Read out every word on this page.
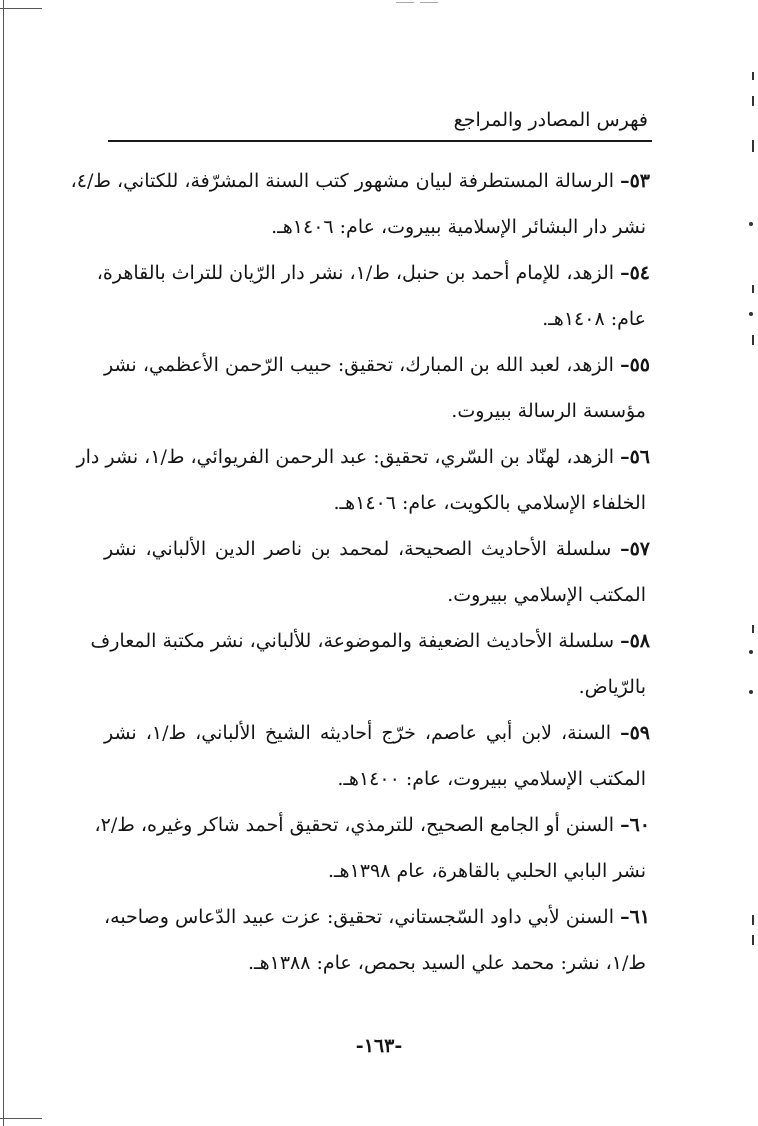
فهرس المصادر والمراجع
٥٣– الرسالة المستطرفة لبيان مشهور كتب السنة المشرّفة، للكتاني، ط/٤،
نشر دار البشائر الإسلامية ببيروت، عام: ١٤٠٦هـ.
٥٤– الزهد، للإمام أحمد بن حنبل، ط/١، نشر دار الرّيان للتراث بالقاهرة،
عام: ١٤٠٨هـ.
٥٥– الزهد، لعبد الله بن المبارك، تحقيق: حبيب الرّحمن الأعظمي، نشر
مؤسسة الرسالة ببيروت.
٥٦– الزهد، لهنّاد بن السّري، تحقيق: عبد الرحمن الفريوائي، ط/١، نشر دار
الخلفاء الإسلامي بالكويت، عام: ١٤٠٦هـ.
٥٧– سلسلة الأحاديث الصحيحة، لمحمد بن ناصر الدين الألباني، نشر
المكتب الإسلامي ببيروت.
٥٨– سلسلة الأحاديث الضعيفة والموضوعة، للألباني، نشر مكتبة المعارف
بالرّياض.
٥٩– السنة، لابن أبي عاصم، خرّج أحاديثه الشيخ الألباني، ط/١، نشر
المكتب الإسلامي ببيروت، عام: ١٤٠٠هـ.
٦٠– السنن أو الجامع الصحيح، للترمذي، تحقيق أحمد شاكر وغيره، ط/٢،
نشر البابي الحلبي بالقاهرة، عام ١٣٩٨هـ.
٦١– السنن لأبي داود السّجستاني، تحقيق: عزت عبيد الدّعاس وصاحبه،
ط/١، نشر: محمد علي السيد بحمص، عام: ١٣٨٨هـ.
-١٦٣-
